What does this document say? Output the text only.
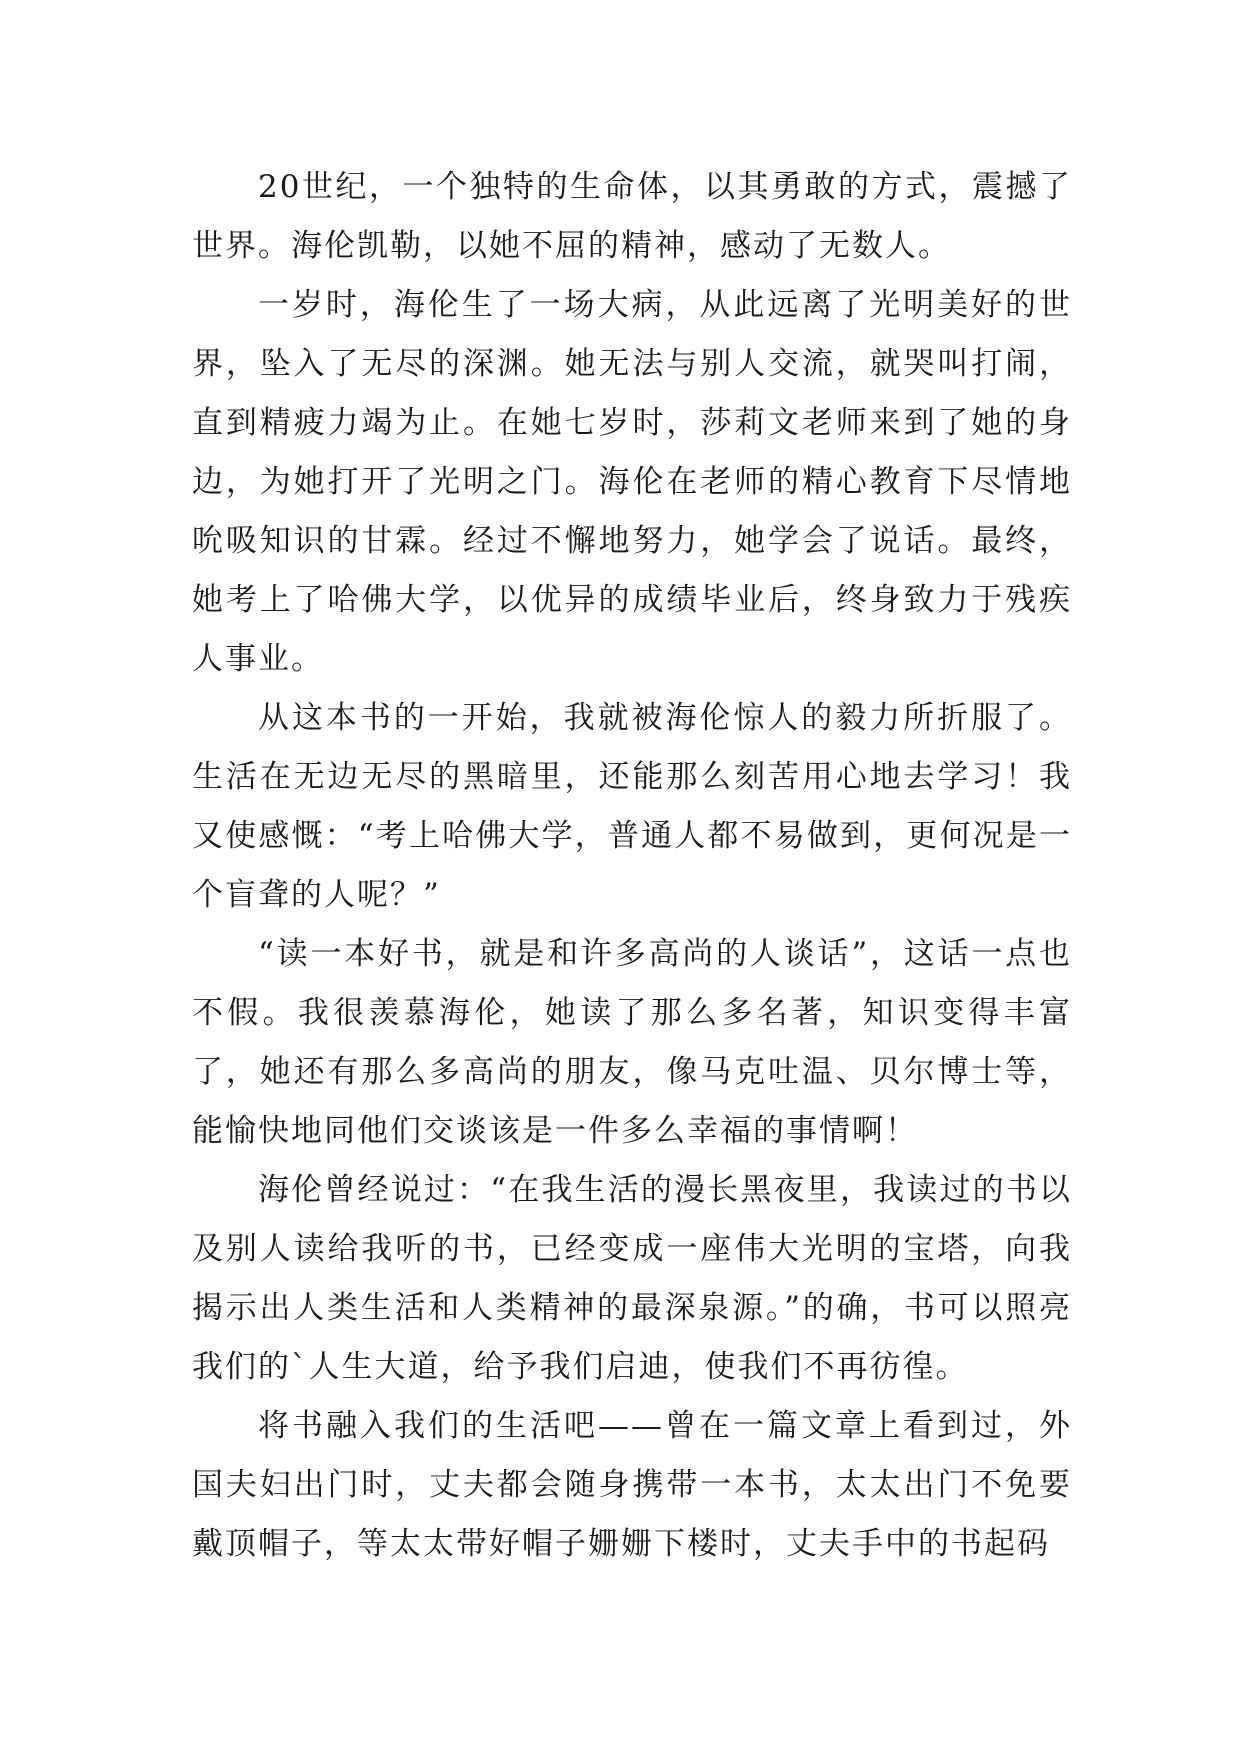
20世纪，一个独特的生命体，以其勇敢的方式，震撼了世界。海伦凯勒，以她不屈的精神，感动了无数人。

一岁时，海伦生了一场大病，从此远离了光明美好的世界，坠入了无尽的深渊。她无法与别人交流，就哭叫打闹，直到精疲力竭为止。在她七岁时，莎莉文老师来到了她的身边，为她打开了光明之门。海伦在老师的精心教育下尽情地吮吸知识的甘霖。经过不懈地努力，她学会了说话。最终，她考上了哈佛大学，以优异的成绩毕业后，终身致力于残疾人事业。

从这本书的一开始，我就被海伦惊人的毅力所折服了。生活在无边无尽的黑暗里，还能那么刻苦用心地去学习！我又使感慨：“考上哈佛大学，普通人都不易做到，更何况是一个盲聋的人呢？”

“读一本好书，就是和许多高尚的人谈话”，这话一点也不假。我很羡慕海伦，她读了那么多名著，知识变得丰富了，她还有那么多高尚的朋友，像马克吐温、贝尔博士等，能愉快地同他们交谈该是一件多么幸福的事情啊！

海伦曾经说过：“在我生活的漫长黑夜里，我读过的书以及别人读给我听的书，已经变成一座伟大光明的宝塔，向我揭示出人类生活和人类精神的最深泉源。”的确，书可以照亮我们的`人生大道，给予我们启迪，使我们不再彷徨。

将书融入我们的生活吧——曾在一篇文章上看到过，外国夫妇出门时，丈夫都会随身携带一本书，太太出门不免要戴顶帽子，等太太带好帽子姗姗下楼时，丈夫手中的书起码
